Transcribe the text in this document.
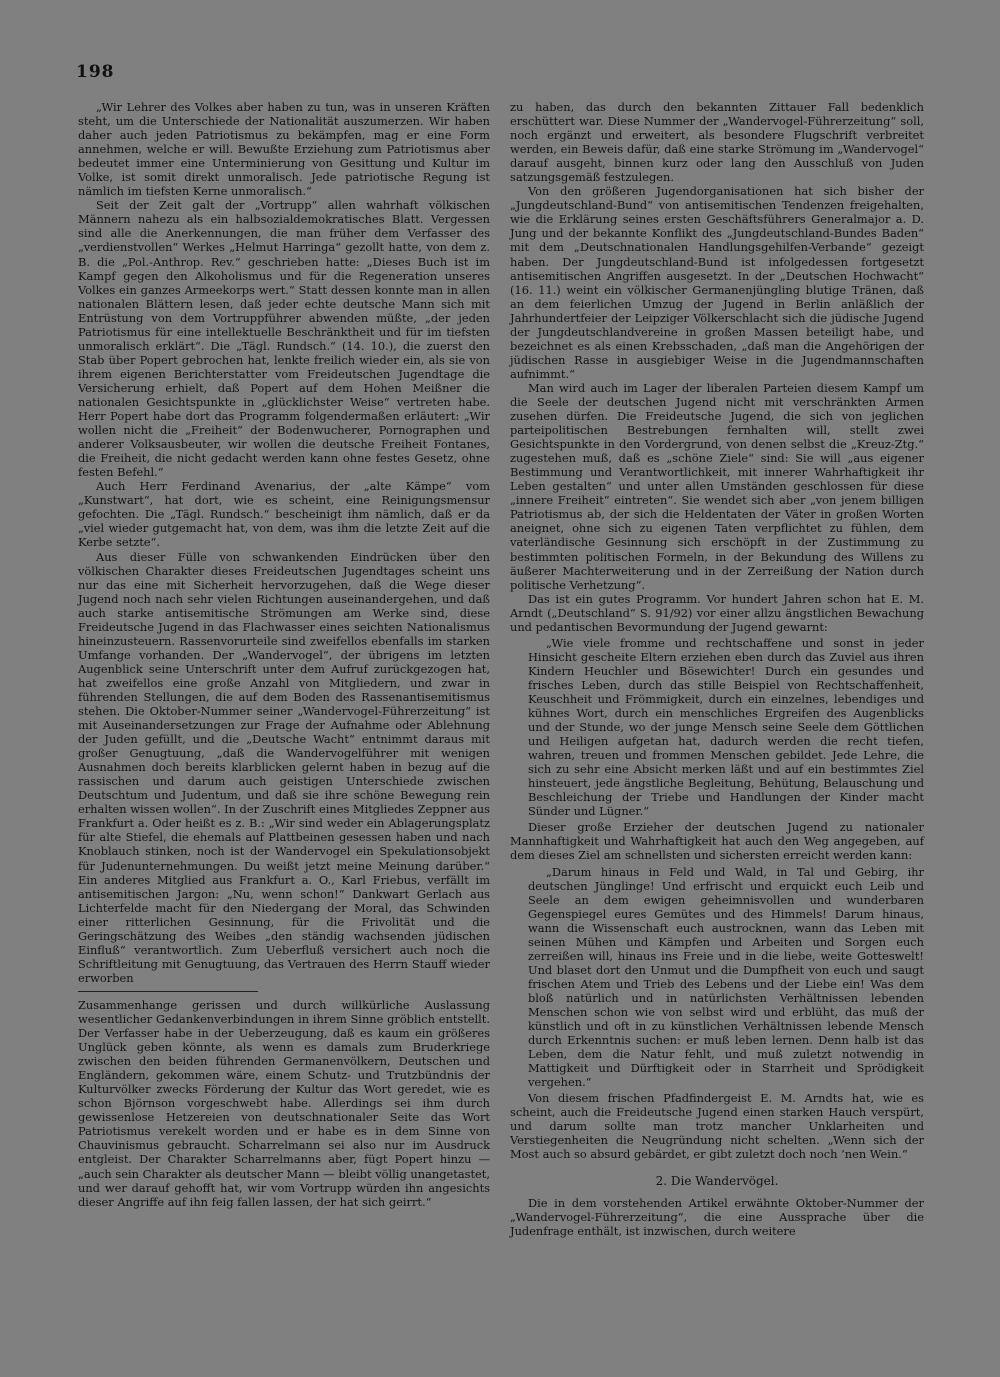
198

„Wir Lehrer des Volkes aber haben zu tun, was in unseren Kräften steht, um die Unterschiede der Nationalität auszumerzen. Wir haben daher auch jeden Patriotismus zu bekämpfen, mag er eine Form annehmen, welche er will. Bewußte Erziehung zum Patriotismus aber bedeutet immer eine Unterminierung von Gesittung und Kultur im Volke, ist somit direkt unmoralisch. Jede patriotische Regung ist nämlich im tiefsten Kerne unmoralisch.“

Seit der Zeit galt der „Vortrupp“ allen wahrhaft völkischen Männern nahezu als ein halbsozialdemokratisches Blatt. Vergessen sind alle die Anerkennungen, die man früher dem Verfasser des „verdienstvollen“ Werkes „Helmut Harringa“ gezollt hatte, von dem z. B. die „Pol.-Anthrop. Rev.“ geschrieben hatte: „Dieses Buch ist im Kampf gegen den Alkoholismus und für die Regeneration unseres Volkes ein ganzes Armeekorps wert.“ Statt dessen konnte man in allen nationalen Blättern lesen, daß jeder echte deutsche Mann sich mit Entrüstung von dem Vortruppführer abwenden müßte, „der jeden Patriotismus für eine intellektuelle Beschränktheit und für im tiefsten unmoralisch erklärt“. Die „Tägl. Rundsch.“ (14. 10.), die zuerst den Stab über Popert gebrochen hat, lenkte freilich wieder ein, als sie von ihrem eigenen Berichterstatter vom Freideutschen Jugendtage die Versicherung erhielt, daß Popert auf dem Hohen Meißner die nationalen Gesichtspunkte in „glücklichster Weise“ vertreten habe. Herr Popert habe dort das Programm folgendermaßen erläutert: „Wir wollen nicht die „Freiheit“ der Bodenwucherer, Pornographen und anderer Volksausbeuter, wir wollen die deutsche Freiheit Fontanes, die Freiheit, die nicht gedacht werden kann ohne festes Gesetz, ohne festen Befehl.“

Auch Herr Ferdinand Avenarius, der „alte Kämpe“ vom „Kunstwart“, hat dort, wie es scheint, eine Reinigungsmensur gefochten. Die „Tägl. Rundsch.“ bescheinigt ihm nämlich, daß er da „viel wieder gutgemacht hat, von dem, was ihm die letzte Zeit auf die Kerbe setzte“.

Aus dieser Fülle von schwankenden Eindrücken über den völkischen Charakter dieses Freideutschen Jugendtages scheint uns nur das eine mit Sicherheit hervorzugehen, daß die Wege dieser Jugend noch nach sehr vielen Richtungen auseinandergehen, und daß auch starke antisemitische Strömungen am Werke sind, diese Freideutsche Jugend in das Flachwasser eines seichten Nationalismus hineinzusteuern. Rassenvorurteile sind zweifellos ebenfalls im starken Umfange vorhanden. Der „Wandervogel“, der übrigens im letzten Augenblick seine Unterschrift unter dem Aufruf zurückgezogen hat, hat zweifellos eine große Anzahl von Mitgliedern, und zwar in führenden Stellungen, die auf dem Boden des Rassenantisemitismus stehen. Die Oktober-Nummer seiner „Wandervogel-Führerzeitung“ ist mit Auseinandersetzungen zur Frage der Aufnahme oder Ablehnung der Juden gefüllt, und die „Deutsche Wacht“ entnimmt daraus mit großer Genugtuung, „daß die Wandervogelführer mit wenigen Ausnahmen doch bereits klarblicken gelernt haben in bezug auf die rassischen und darum auch geistigen Unterschiede zwischen Deutschtum und Judentum, und daß sie ihre schöne Bewegung rein erhalten wissen wollen“. In der Zuschrift eines Mitgliedes Zeppner aus Frankfurt a. Oder heißt es z. B.: „Wir sind weder ein Ablagerungsplatz für alte Stiefel, die ehemals auf Plattbeinen gesessen haben und nach Knoblauch stinken, noch ist der Wandervogel ein Spekulationsobjekt für Judenunternehmungen. Du weißt jetzt meine Meinung darüber.“ Ein anderes Mitglied aus Frankfurt a. O., Karl Friebus, verfällt im antisemitischen Jargon: „Nu, wenn schon!“ Dankwart Gerlach aus Lichterfelde macht für den Niedergang der Moral, das Schwinden einer ritterlichen Gesinnung, für die Frivolität und die Geringschätzung des Weibes „den ständig wachsenden jüdischen Einfluß“ verantwortlich. Zum Ueberfluß versichert auch noch die Schriftleitung mit Genugtuung, das Vertrauen des Herrn Stauff wieder erworben

Zusammenhange gerissen und durch willkürliche Auslassung wesentlicher Gedankenverbindungen in ihrem Sinne gröblich entstellt. Der Verfasser habe in der Ueberzeugung, daß es kaum ein größeres Unglück geben könnte, als wenn es damals zum Bruderkriege zwischen den beiden führenden Germanenvölkern, Deutschen und Engländern, gekommen wäre, einem Schutz- und Trutzbündnis der Kulturvölker zwecks Förderung der Kultur das Wort geredet, wie es schon Björnson vorgeschwebt habe. Allerdings sei ihm durch gewissenlose Hetzereien von deutschnationaler Seite das Wort Patriotismus verekelt worden und er habe es in dem Sinne von Chauvinismus gebraucht. Scharrelmann sei also nur im Ausdruck entgleist. Der Charakter Scharrelmanns aber, fügt Popert hinzu — „auch sein Charakter als deutscher Mann — bleibt völlig unangetastet, und wer darauf gehofft hat, wir vom Vortrupp würden ihn angesichts dieser Angriffe auf ihn feig fallen lassen, der hat sich geirrt.“

zu haben, das durch den bekannten Zittauer Fall bedenklich erschüttert war. Diese Nummer der „Wandervogel-Führerzeitung“ soll, noch ergänzt und erweitert, als besondere Flugschrift verbreitet werden, ein Beweis dafür, daß eine starke Strömung im „Wandervogel“ darauf ausgeht, binnen kurz oder lang den Ausschluß von Juden satzungsgemäß festzulegen.

Von den größeren Jugendorganisationen hat sich bisher der „Jungdeutschland-Bund“ von antisemitischen Tendenzen freigehalten, wie die Erklärung seines ersten Geschäftsführers Generalmajor a. D. Jung und der bekannte Konflikt des „Jungdeutschland-Bundes Baden“ mit dem „Deutschnationalen Handlungsgehilfen-Verbande“ gezeigt haben. Der Jungdeutschland-Bund ist infolgedessen fortgesetzt antisemitischen Angriffen ausgesetzt. In der „Deutschen Hochwacht“ (16. 11.) weint ein völkischer Germanenjüngling blutige Tränen, daß an dem feierlichen Umzug der Jugend in Berlin anläßlich der Jahrhundertfeier der Leipziger Völkerschlacht sich die jüdische Jugend der Jungdeutschlandvereine in großen Massen beteiligt habe, und bezeichnet es als einen Krebsschaden, „daß man die Angehörigen der jüdischen Rasse in ausgiebiger Weise in die Jugendmannschaften aufnimmt.“

Man wird auch im Lager der liberalen Parteien diesem Kampf um die Seele der deutschen Jugend nicht mit verschränkten Armen zusehen dürfen. Die Freideutsche Jugend, die sich von jeglichen parteipolitischen Bestrebungen fernhalten will, stellt zwei Gesichtspunkte in den Vordergrund, von denen selbst die „Kreuz-Ztg.“ zugestehen muß, daß es „schöne Ziele“ sind: Sie will „aus eigener Bestimmung und Verantwortlichkeit, mit innerer Wahrhaftigkeit ihr Leben gestalten“ und unter allen Umständen geschlossen für diese „innere Freiheit“ eintreten“. Sie wendet sich aber „von jenem billigen Patriotismus ab, der sich die Heldentaten der Väter in großen Worten aneignet, ohne sich zu eigenen Taten verpflichtet zu fühlen, dem vaterländische Gesinnung sich erschöpft in der Zustimmung zu bestimmten politischen Formeln, in der Bekundung des Willens zu äußerer Machterweiterung und in der Zerreißung der Nation durch politische Verhetzung“.

Das ist ein gutes Programm. Vor hundert Jahren schon hat E. M. Arndt („Deutschland“ S. 91/92) vor einer allzu ängstlichen Bewachung und pedantischen Bevormundung der Jugend gewarnt:

„Wie viele fromme und rechtschaffene und sonst in jeder Hinsicht gescheite Eltern erziehen eben durch das Zuviel aus ihren Kindern Heuchler und Bösewichter! Durch ein gesundes und frisches Leben, durch das stille Beispiel von Rechtschaffenheit, Keuschheit und Frömmigkeit, durch ein einzelnes, lebendiges und kühnes Wort, durch ein menschliches Ergreifen des Augenblicks und der Stunde, wo der junge Mensch seine Seele dem Göttlichen und Heiligen aufgetan hat, dadurch werden die recht tiefen, wahren, treuen und frommen Menschen gebildet. Jede Lehre, die sich zu sehr eine Absicht merken läßt und auf ein bestimmtes Ziel hinsteuert, jede ängstliche Begleitung, Behütung, Belauschung und Beschleichung der Triebe und Handlungen der Kinder macht Sünder und Lügner.“

Dieser große Erzieher der deutschen Jugend zu nationaler Mannhaftigkeit und Wahrhaftigkeit hat auch den Weg angegeben, auf dem dieses Ziel am schnellsten und sichersten erreicht werden kann:

„Darum hinaus in Feld und Wald, in Tal und Gebirg, ihr deutschen Jünglinge! Und erfrischt und erquickt euch Leib und Seele an dem ewigen geheimnisvollen und wunderbaren Gegenspiegel eures Gemütes und des Himmels! Darum hinaus, wann die Wissenschaft euch austrocknen, wann das Leben mit seinen Mühen und Kämpfen und Arbeiten und Sorgen euch zerreißen will, hinaus ins Freie und in die liebe, weite Gotteswelt! Und blaset dort den Unmut und die Dumpfheit von euch und saugt frischen Atem und Trieb des Lebens und der Liebe ein! Was dem bloß natürlich und in natürlichsten Verhältnissen lebenden Menschen schon wie von selbst wird und erblüht, das muß der künstlich und oft in zu künstlichen Verhältnissen lebende Mensch durch Erkenntnis suchen: er muß leben lernen. Denn halb ist das Leben, dem die Natur fehlt, und muß zuletzt notwendig in Mattigkeit und Dürftigkeit oder in Starrheit und Sprödigkeit vergehen.“

Von diesem frischen Pfadfindergeist E. M. Arndts hat, wie es scheint, auch die Freideutsche Jugend einen starken Hauch verspürt, und darum sollte man trotz mancher Unklarheiten und Verstiegenheiten die Neugründung nicht schelten. „Wenn sich der Most auch so absurd gebärdet, er gibt zuletzt doch noch ’nen Wein.“

2. Die Wandervögel.

Die in dem vorstehenden Artikel erwähnte Oktober-Nummer der „Wandervogel-Führerzeitung“, die eine Aussprache über die Judenfrage enthält, ist inzwischen, durch weitere
